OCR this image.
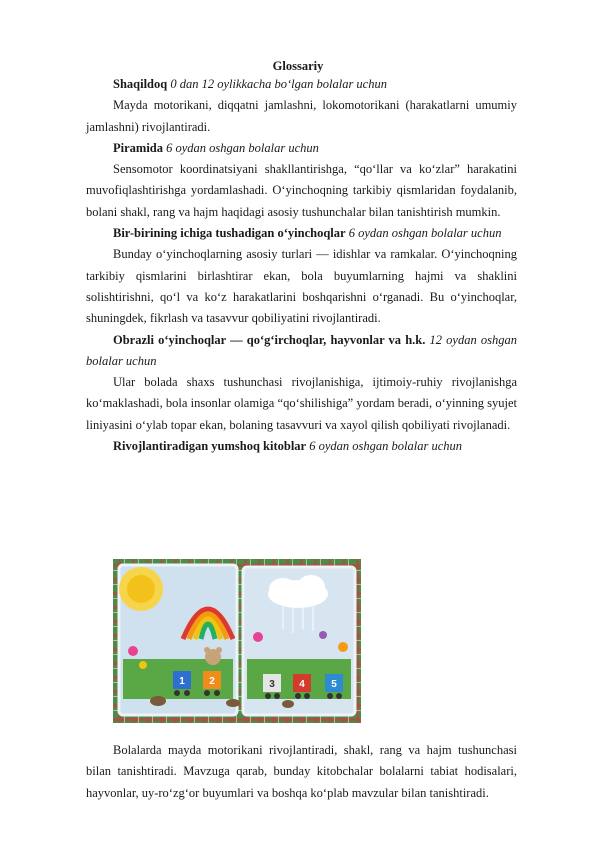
Glossariy

Shaqildoq 0 dan 12 oylikkacha bo‘lgan bolalar uchun

Mayda motorikani, diqqatni jamlashni, lokomotorikani (harakatlarni umumiy jamlashni) rivojlantiradi.

Piramida 6 oydan oshgan bolalar uchun

Sensomotor koordinatsiyani shakllantirishga, “qo‘llar va ko‘zlar” harakatini muvofiqlashtirishga yordamlashadi. O‘yinchoqning tarkibiy qismlaridan foydalanib, bolani shakl, rang va hajm haqidagi asosiy tushunchalar bilan tanishtirish mumkin.

Bir-birining ichiga tushadigan o‘yinchoqlar 6 oydan oshgan bolalar uchun

Bunday o‘yinchoqlarning asosiy turlari — idishlar va ramkalar. O‘yinchoqning tarkibiy qismlarini birlashtirar ekan, bola buyumlarning hajmi va shaklini solishtirishni, qo‘l va ko‘z harakatlarini boshqarishni o‘rganadi. Bu o‘yinchoqlar, shuningdek, fikrlash va tasavvur qobiliyatini rivojlantiradi.

Obrazli o‘yinchoqlar — qo‘g‘irchoqlar, hayvonlar va h.k. 12 oydan oshgan bolalar uchun

Ular bolada shaxs tushunchasi rivojlanishiga, ijtimoiy-ruhiy rivojlanishga ko‘maklashadi, bola insonlar olamiga “qo‘shilishiga” yordam beradi, o‘yinning syujet liniyasini o‘ylab topar ekan, bolaning tasavvuri va xayol qilish qobiliyati rivojlanadi.

Rivojlantiradigan yumshoq kitoblar 6 oydan oshgan bolalar uchun

1 2	3 4	5

Bolalarda mayda motorikani rivojlantiradi, shakl, rang va hajm tushunchasi bilan tanishtiradi. Mavzuga qarab, bunday kitobchalar bolalarni tabiat hodisalari, hayvonlar, uy-ro‘zg‘or buyumlari va boshqa ko‘plab mavzular bilan tanishtiradi.
